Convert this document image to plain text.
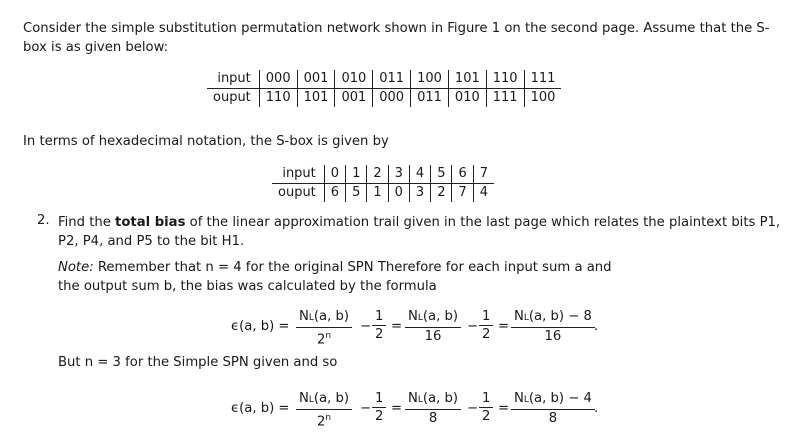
Consider the simple substitution permutation network shown in Figure 1 on the second page. Assume that the S-box is as given below:
input	000	001	010	011	100	101	110	111
ouput	110	101	001	000	011	010	111	100
In terms of hexadecimal notation, the S-box is given by
input	0	1	2	3	4	5	6	7
ouput	6	5	1	0	3	2	7	4
2. Find the total bias of the linear approximation trail given in the last page which relates the plaintext bits P1, P2, P4, and P5 to the bit H1.
Note: Remember that n = 4 for the original SPN Therefore for each input sum a and the output sum b, the bias was calculated by the formula
ϵ(a, $b) = \frac{NL(a, b)}{2^n} - \frac{1}{2} = \frac{NL(a, b)}{16} - \frac{1}{2} = \frac{NL(a, b) - 8}{16}$ .
But n = 3 for the Simple SPN given and so
ϵ(a, $b) = \frac{NL(a, b)}{2^n} - \frac{1}{2} = \frac{NL(a, b)}{8} - \frac{1}{2} = \frac{NL(a, b) - 4}{8}$ .
